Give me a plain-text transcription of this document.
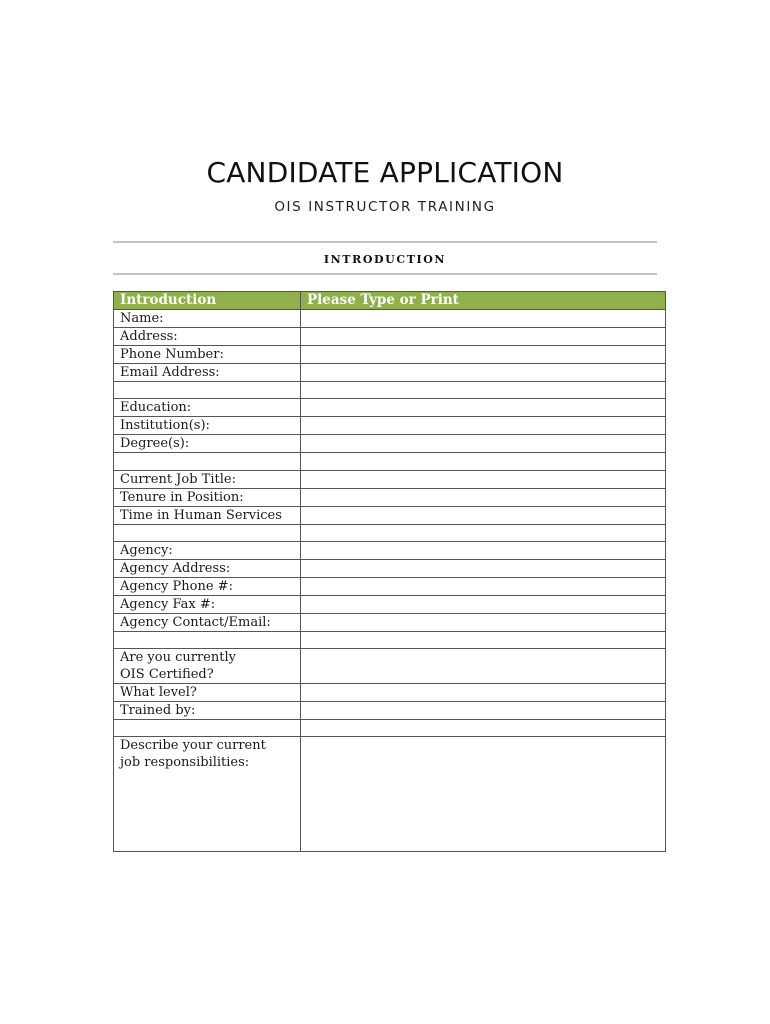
CANDIDATE APPLICATION
OIS INSTRUCTOR TRAINING
INTRODUCTION
Introduction	Please Type or Print
Name:	
Address:	
Phone Number:	
Email Address:	

Education:	
Institution(s):	
Degree(s):	

Current Job Title:	
Tenure in Position:	
Time in Human Services	

Agency:	
Agency Address:	
Agency Phone #:	
Agency Fax #:	
Agency Contact/Email:	

Are you currently
OIS Certified?	
What level?	
Trained by:	

Describe your current
job responsibilities:	
